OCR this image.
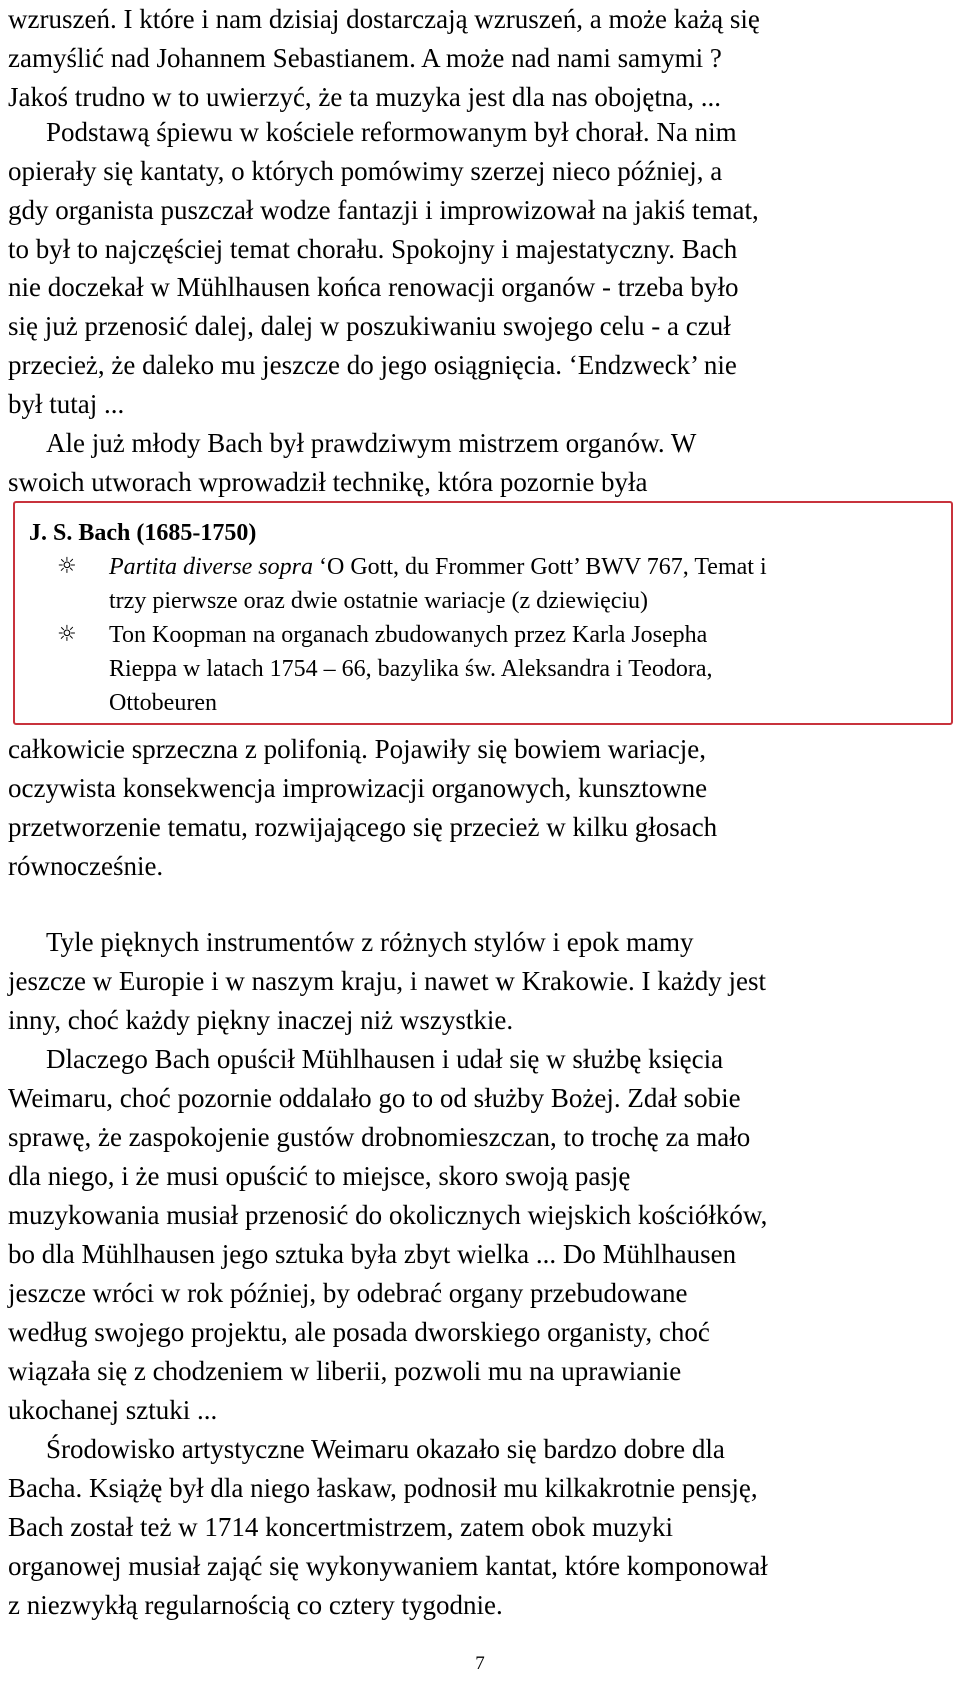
wzruszeń. I które i nam dzisiaj dostarczają wzruszeń, a może każą się
zamyślić nad Johannem Sebastianem. A może nad nami samymi ?
Jakoś trudno w to uwierzyć, że ta muzyka jest dla nas obojętna, ...
Podstawą śpiewu w kościele reformowanym był chorał. Na nim
opierały się kantaty, o których pomówimy szerzej nieco później, a
gdy organista puszczał wodze fantazji i improwizował na jakiś temat,
to był to najczęściej temat chorału. Spokojny i majestatyczny. Bach
nie doczekał w Mühlhausen końca renowacji organów - trzeba było
się już przenosić dalej, dalej w poszukiwaniu swojego celu - a czuł
przecież, że daleko mu jeszcze do jego osiągnięcia. ‘Endzweck’ nie
był tutaj ...
Ale już młody Bach był prawdziwym mistrzem organów. W
swoich utworach wprowadził technikę, która pozornie była
J. S. Bach (1685-1750)
☼ Partita diverse sopra ‘O Gott, du Frommer Gott’ BWV 767, Temat i
trzy pierwsze oraz dwie ostatnie wariacje (z dziewięciu)
☼ Ton Koopman na organach zbudowanych przez Karla Josepha
Rieppa w latach 1754 – 66, bazylika św. Aleksandra i Teodora,
Ottobeuren
całkowicie sprzeczna z polifonią. Pojawiły się bowiem wariacje,
oczywista konsekwencja improwizacji organowych, kunsztowne
przetworzenie tematu, rozwijającego się przecież w kilku głosach
równocześnie.
Tyle pięknych instrumentów z różnych stylów i epok mamy
jeszcze w Europie i w naszym kraju, i nawet w Krakowie. I każdy jest
inny, choć każdy piękny inaczej niż wszystkie.
Dlaczego Bach opuścił Mühlhausen i udał się w służbę księcia
Weimaru, choć pozornie oddalało go to od służby Bożej. Zdał sobie
sprawę, że zaspokojenie gustów drobnomieszczan, to trochę za mało
dla niego, i że musi opuścić to miejsce, skoro swoją pasję
muzykowania musiał przenosić do okolicznych wiejskich kościółków,
bo dla Mühlhausen jego sztuka była zbyt wielka ... Do Mühlhausen
jeszcze wróci w rok później, by odebrać organy przebudowane
według swojego projektu, ale posada dworskiego organisty, choć
wiązała się z chodzeniem w liberii, pozwoli mu na uprawianie
ukochanej sztuki ...
Środowisko artystyczne Weimaru okazało się bardzo dobre dla
Bacha. Książę był dla niego łaskaw, podnosił mu kilkakrotnie pensję,
Bach został też w 1714 koncertmistrzem, zatem obok muzyki
organowej musiał zająć się wykonywaniem kantat, które komponował
z niezwykłą regularnością co cztery tygodnie.
7
